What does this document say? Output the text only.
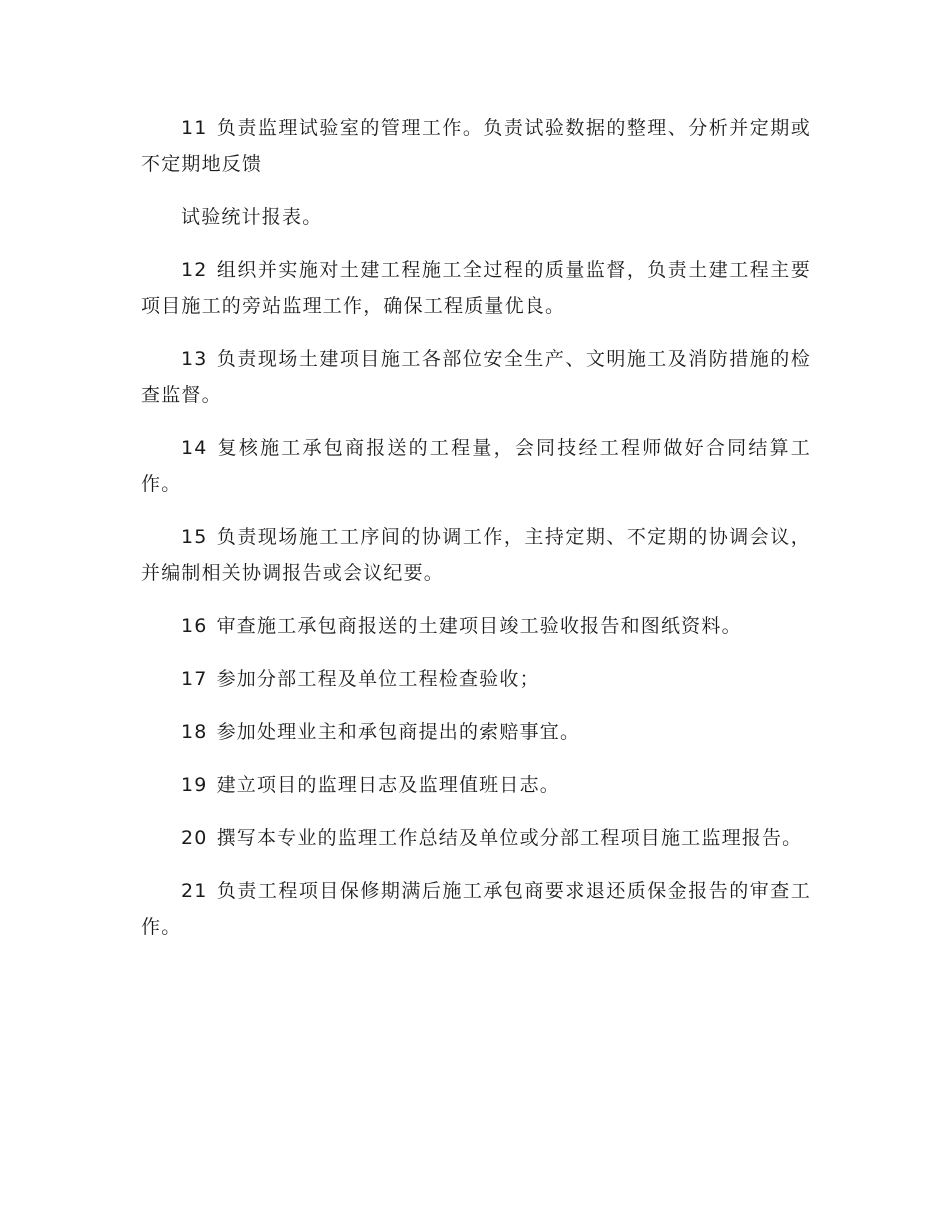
11 负责监理试验室的管理工作。负责试验数据的整理、分析并定期或不定期地反馈

试验统计报表。

12 组织并实施对土建工程施工全过程的质量监督，负责土建工程主要项目施工的旁站监理工作，确保工程质量优良。

13 负责现场土建项目施工各部位安全生产、文明施工及消防措施的检查监督。

14 复核施工承包商报送的工程量，会同技经工程师做好合同结算工作。

15 负责现场施工工序间的协调工作，主持定期、不定期的协调会议，并编制相关协调报告或会议纪要。

16 审查施工承包商报送的土建项目竣工验收报告和图纸资料。

17 参加分部工程及单位工程检查验收；

18 参加处理业主和承包商提出的索赔事宜。

19 建立项目的监理日志及监理值班日志。

20 撰写本专业的监理工作总结及单位或分部工程项目施工监理报告。

21 负责工程项目保修期满后施工承包商要求退还质保金报告的审查工作。
